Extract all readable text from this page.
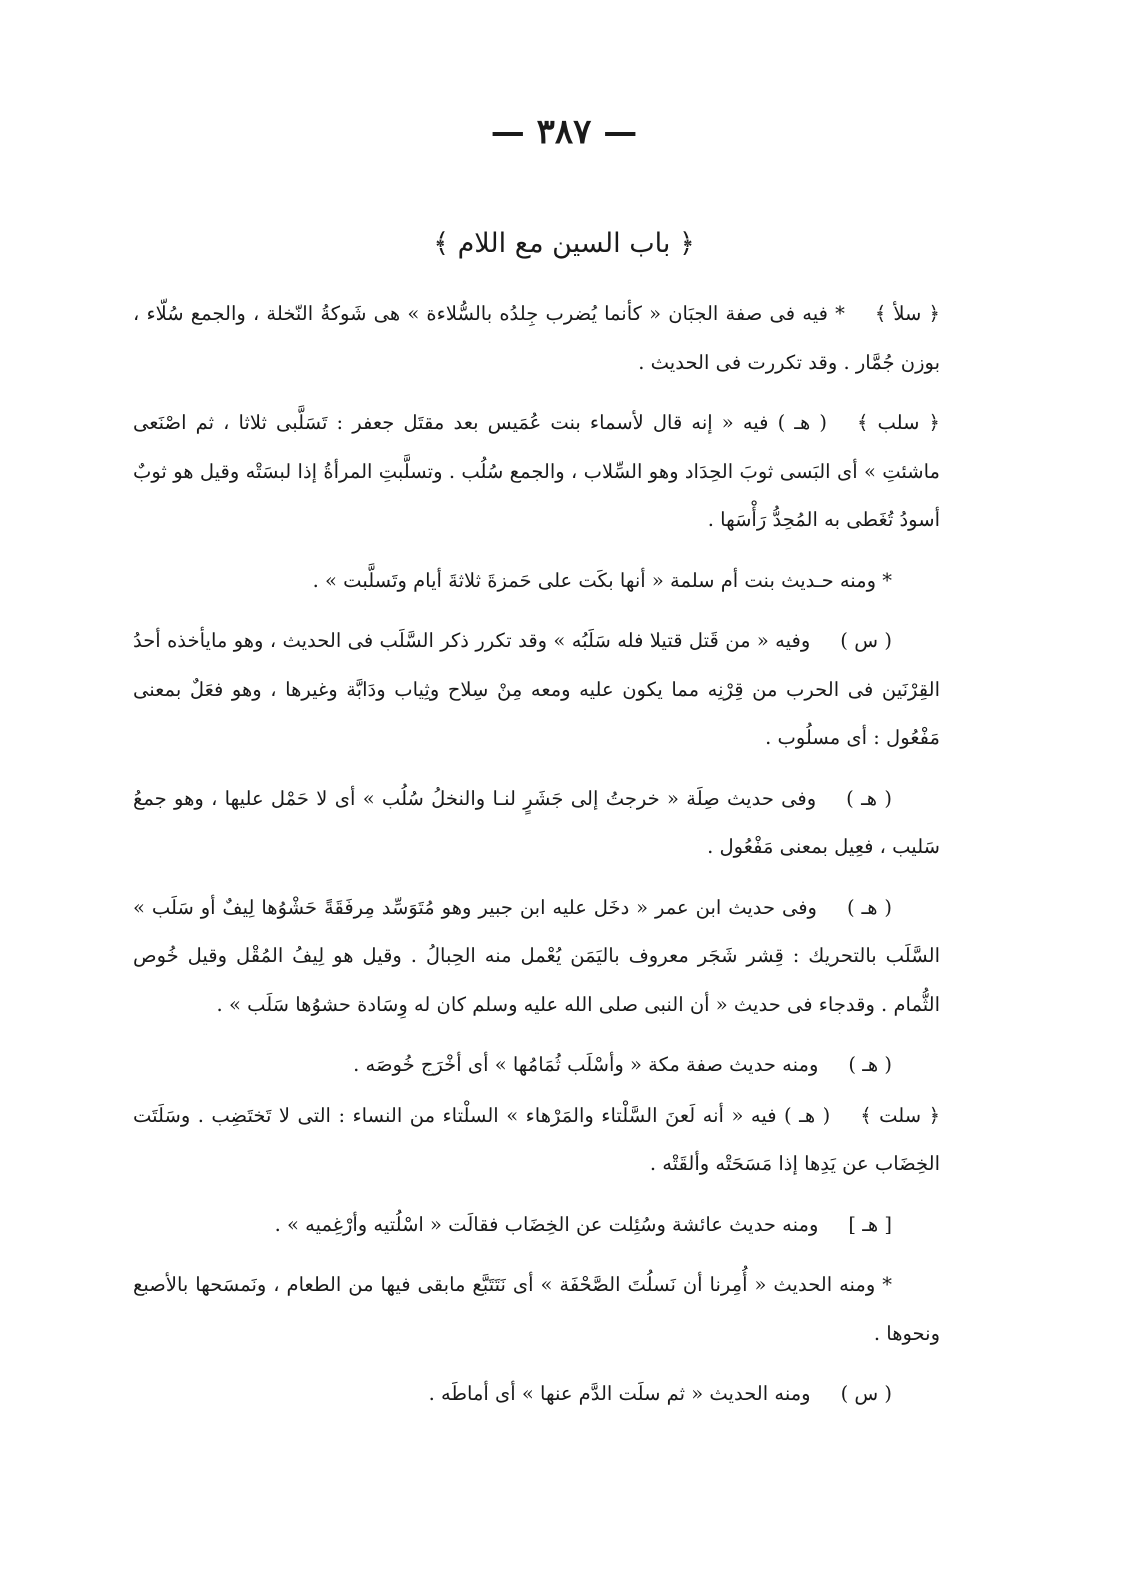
— ٣٨٧ —
﴿ باب السين مع اللام ﴾

﴿ سلأ ﴾* فيه فى صفة الجبَان « كأنما يُضرب جِلدُه بالسُّلاءة » هى شَوكةُ النّخلة ، والجمع سُلّاء ، بوزن جُمَّار . وقد تكررت فى الحديث .

﴿ سلب ﴾( هـ ) فيه « إنه قال لأسماء بنت عُمَيس بعد مقتَل جعفر : تَسَلَّبى ثلاثا ، ثم اصْنَعى ماشئتِ » أى البَسى ثوبَ الحِدَاد وهو السِّلاب ، والجمع سُلُب . وتسلَّبتِ المرأةُ إذا لبسَتْه وقيل هو ثوبٌ أسودُ تُغَطى به المُحِدُّ رَأْسَها .

* ومنه حـديث بنت أم سلمة « أنها بكَت على حَمزةَ ثلاثةَ أيام وتَسلَّبت » .

( س )وفيه « من قَتل قتيلا فله سَلَبُه » وقد تكرر ذكر السَّلَب فى الحديث ، وهو مايأخذه أحدُ القِرْنَين فى الحرب من قِرْنِه مما يكون عليه ومعه مِنْ سِلاح وثِياب ودَابَّة وغيرها ، وهو فعَلٌ بمعنى مَفْعُول : أى مسلُوب .

( هـ )وفى حديث صِلَة « خرجتُ إلى جَشَرٍ لنـا والنخلُ سُلُب » أى لا حَمْل عليها ، وهو جمعُ سَليب ، فعِيل بمعنى مَفْعُول .

( هـ )وفى حديث ابن عمر « دخَل عليه ابن جبير وهو مُتَوَسِّد مِرفَقَةً حَشْوُها لِيفٌ أو سَلَب » السَّلَب بالتحريك : قِشر شَجَر معروف باليَمَن يُعْمل منه الحِبالُ . وقيل هو لِيفُ المُقْل وقيل خُوص الثُّمام . وقدجاء فى حديث « أن النبى صلى الله عليه وسلم كان له وِسَادة حشوُها سَلَب » .

( هـ )ومنه حديث صفة مكة « وأسْلَب ثُمَامُها » أى أخْرَج خُوصَه .

﴿ سلت ﴾( هـ ) فيه « أنه لَعنَ السَّلْتاء والمَرْهاء » السلْتاء من النساء : التى لا تَختَضِب . وسَلَتَت الخِضَاب عن يَدِها إذا مَسَحَتْه وألقَتْه .

[ هـ ]ومنه حديث عائشة وسُئِلت عن الخِضَاب فقالَت « اسْلُتيه وأرْغِميه » .

* ومنه الحديث « أُمِرنا أن نَسلُتَ الصَّحْفَة » أى نَتَتَبَّع مابقى فيها من الطعام ، ونَمسَحها بالأصبع ونحوها .

( س )ومنه الحديث « ثم سلَت الدَّم عنها » أى أماطَه .
